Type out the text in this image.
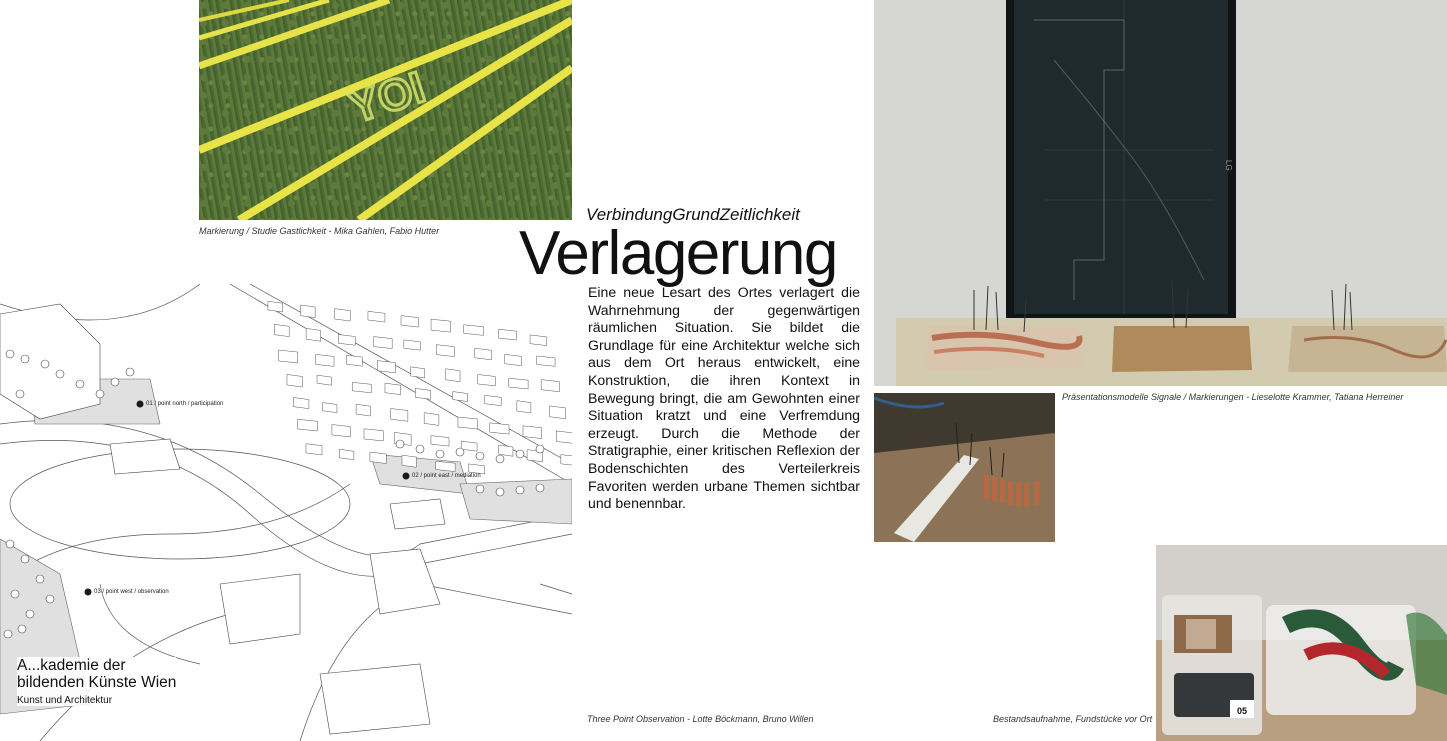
YOI
Markierung / Studie Gastlichkeit - Mika Gahlen, Fabio Hutter
LG
Präsentationsmodelle Signale / Markierungen - Lieselotte Krammer, Tatiana Herreiner
05
Bestandsaufnahme, Fundstücke vor Ort
01 / point north / participation
02 / point east / mediation
03 / point west / observation
Three Point Observation - Lotte Böckmann, Bruno Willen
A...kademie der
bildenden Künste Wien
Kunst und Architektur
VerbindungGrundZeitlichkeit
Verlagerung
Eine neue Lesart des Ortes verlagert die Wahrnehmung der gegenwärtigen räumlichen Situation. Sie bildet die Grundlage für eine Architektur welche sich aus dem Ort heraus entwickelt, eine Konstruktion, die ihren Kontext in Bewegung bringt, die am Gewohnten einer Situation kratzt und eine Verfremdung erzeugt. Durch die Methode der Stratigraphie, einer kritischen Reflexion der Bodenschichten des Verteilerkreis Favoriten werden urbane Themen sichtbar und benennbar.
